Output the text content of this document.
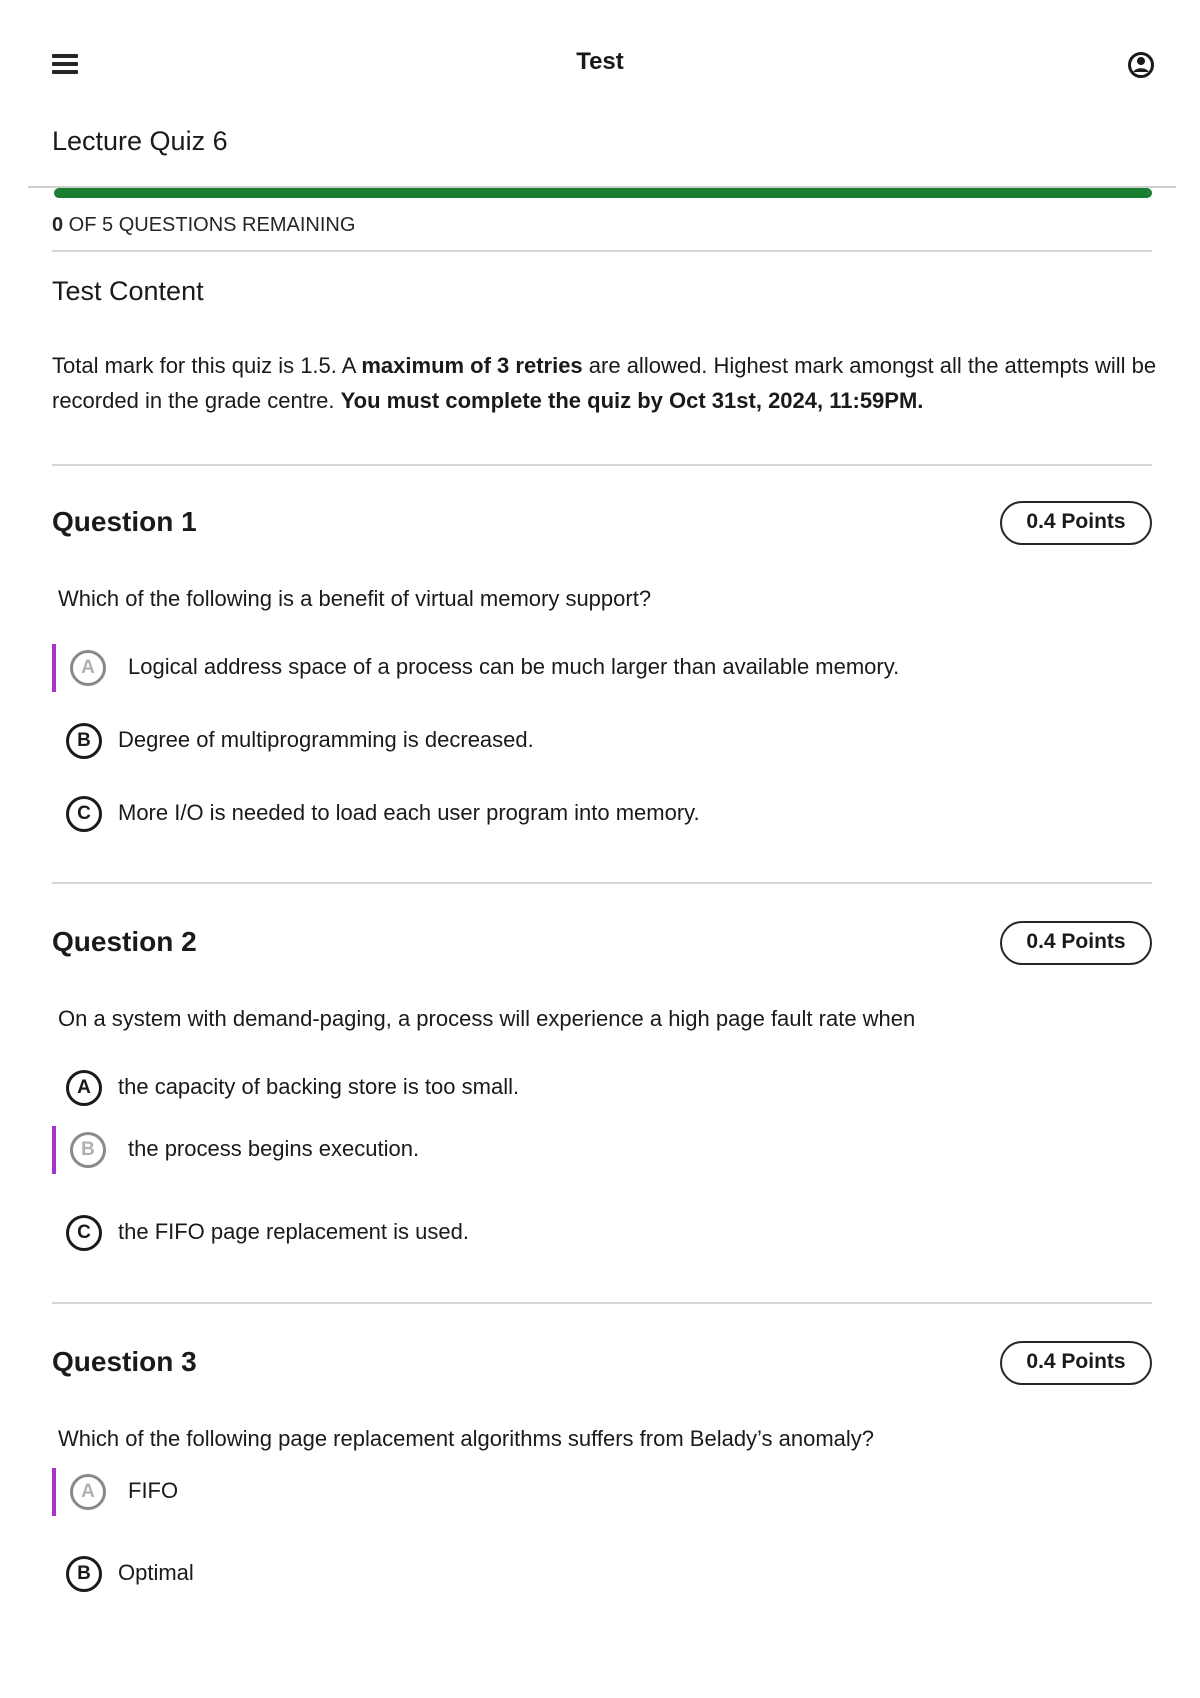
Test
Lecture Quiz 6
0 OF 5 QUESTIONS REMAINING
Test Content
Total mark for this quiz is 1.5. A maximum of 3 retries are allowed. Highest mark amongst all the attempts will be recorded in the grade centre. You must complete the quiz by Oct 31st, 2024, 11:59PM.
Question 1	0.4 Points
Which of the following is a benefit of virtual memory support?
A	Logical address space of a process can be much larger than available memory.
B	Degree of multiprogramming is decreased.
C	More I/O is needed to load each user program into memory.
Question 2	0.4 Points
On a system with demand-paging, a process will experience a high page fault rate when
A	the capacity of backing store is too small.
B	the process begins execution.
C	the FIFO page replacement is used.
Question 3	0.4 Points
Which of the following page replacement algorithms suffers from Belady’s anomaly?
A	FIFO
B	Optimal
